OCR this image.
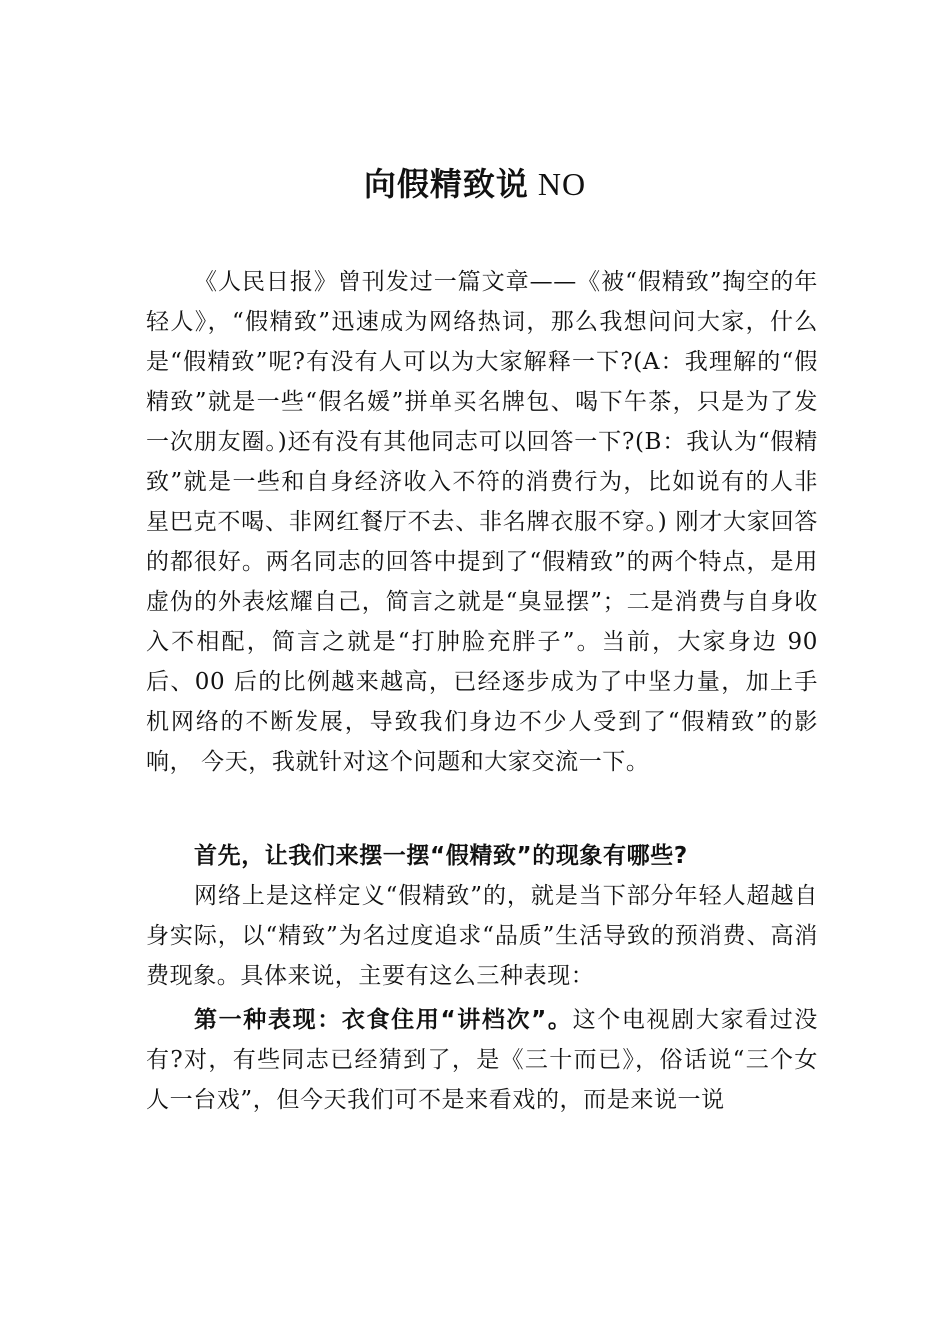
向假精致说 NO

《人民日报》曾刊发过一篇文章——《被“假精致”掏空的年轻人》，“假精致”迅速成为网络热词，那么我想问问大家，什么是“假精致”呢?有没有人可以为大家解释一下?(A：我理解的“假精致”就是一些“假名媛”拼单买名牌包、喝下午茶，只是为了发一次朋友圈。)还有没有其他同志可以回答一下?(B：我认为“假精致”就是一些和自身经济收入不符的消费行为，比如说有的人非星巴克不喝、非网红餐厅不去、非名牌衣服不穿。) 刚才大家回答的都很好。两名同志的回答中提到了“假精致”的两个特点，是用虚伪的外表炫耀自己，简言之就是“臭显摆”；二是消费与自身收入不相配，简言之就是“打肿脸充胖子”。当前，大家身边 90 后、00 后的比例越来越高，已经逐步成为了中坚力量，加上手机网络的不断发展，导致我们身边不少人受到了“假精致”的影响， 今天，我就针对这个问题和大家交流一下。

首先，让我们来摆一摆“假精致”的现象有哪些?

网络上是这样定义“假精致”的，就是当下部分年轻人超越自身实际，以“精致”为名过度追求“品质”生活导致的预消费、高消费现象。具体来说，主要有这么三种表现：

第一种表现：衣食住用“讲档次”。这个电视剧大家看过没有?对，有些同志已经猜到了，是《三十而已》，俗话说“三个女人一台戏”，但今天我们可不是来看戏的，而是来说一说
